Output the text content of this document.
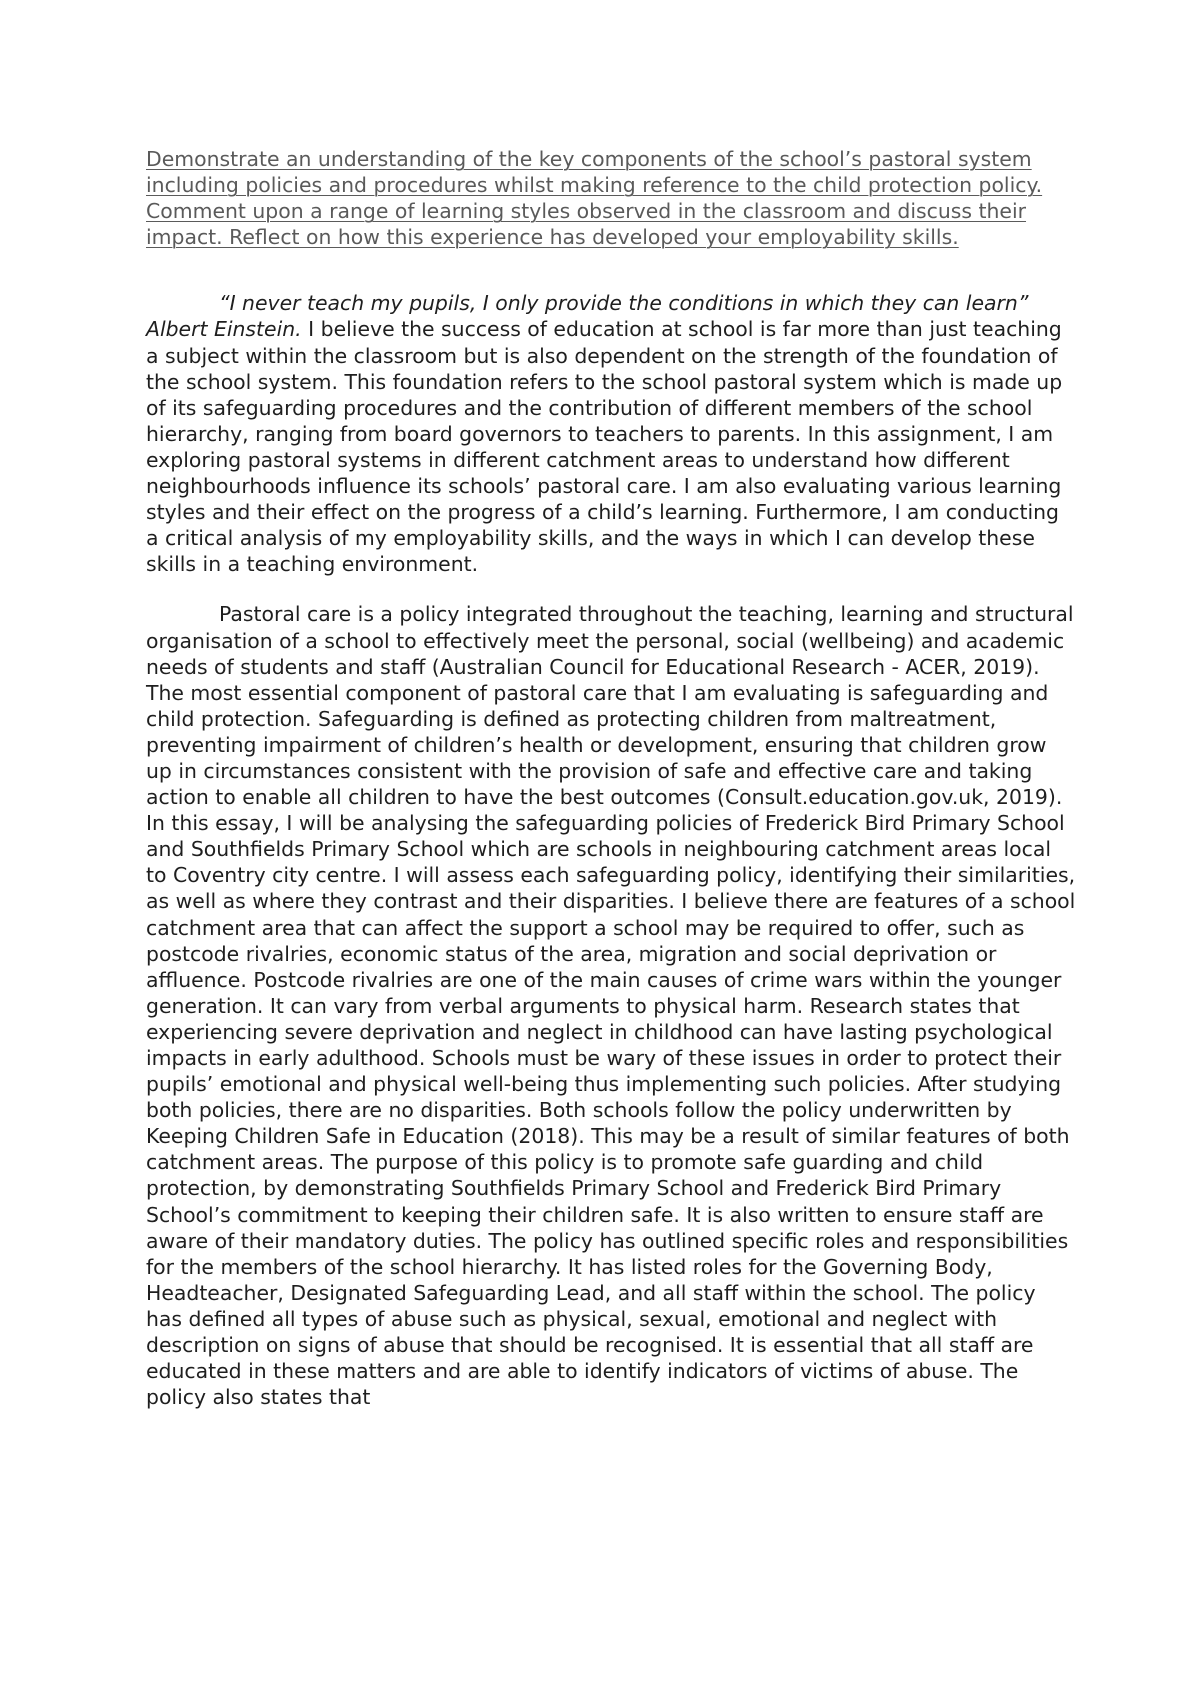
Demonstrate an understanding of the key components of the school’s pastoral system including policies and procedures whilst making reference to the child protection policy. Comment upon a range of learning styles observed in the classroom and discuss their impact. Reflect on how this experience has developed your employability skills.

“I never teach my pupils, I only provide the conditions in which they can learn” Albert Einstein. I believe the success of education at school is far more than just teaching a subject within the classroom but is also dependent on the strength of the foundation of the school system. This foundation refers to the school pastoral system which is made up of its safeguarding procedures and the contribution of different members of the school hierarchy, ranging from board governors to teachers to parents. In this assignment, I am exploring pastoral systems in different catchment areas to understand how different neighbourhoods influence its schools’ pastoral care. I am also evaluating various learning styles and their effect on the progress of a child’s learning. Furthermore, I am conducting a critical analysis of my employability skills, and the ways in which I can develop these skills in a teaching environment.

Pastoral care is a policy integrated throughout the teaching, learning and structural organisation of a school to effectively meet the personal, social (wellbeing) and academic needs of students and staff (Australian Council for Educational Research - ACER, 2019). The most essential component of pastoral care that I am evaluating is safeguarding and child protection. Safeguarding is defined as protecting children from maltreatment, preventing impairment of children’s health or development, ensuring that children grow up in circumstances consistent with the provision of safe and effective care and taking action to enable all children to have the best outcomes (Consult.education.gov.uk, 2019). In this essay, I will be analysing the safeguarding policies of Frederick Bird Primary School and Southfields Primary School which are schools in neighbouring catchment areas local to Coventry city centre. I will assess each safeguarding policy, identifying their similarities, as well as where they contrast and their disparities. I believe there are features of a school catchment area that can affect the support a school may be required to offer, such as postcode rivalries, economic status of the area, migration and social deprivation or affluence. Postcode rivalries are one of the main causes of crime wars within the younger generation. It can vary from verbal arguments to physical harm. Research states that experiencing severe deprivation and neglect in childhood can have lasting psychological impacts in early adulthood. Schools must be wary of these issues in order to protect their pupils’ emotional and physical well-being thus implementing such policies. After studying both policies, there are no disparities. Both schools follow the policy underwritten by Keeping Children Safe in Education (2018). This may be a result of similar features of both catchment areas. The purpose of this policy is to promote safe guarding and child protection, by demonstrating Southfields Primary School and Frederick Bird Primary School’s commitment to keeping their children safe. It is also written to ensure staff are aware of their mandatory duties. The policy has outlined specific roles and responsibilities for the members of the school hierarchy. It has listed roles for the Governing Body, Headteacher, Designated Safeguarding Lead, and all staff within the school. The policy has defined all types of abuse such as physical, sexual, emotional and neglect with description on signs of abuse that should be recognised. It is essential that all staff are educated in these matters and are able to identify indicators of victims of abuse. The policy also states that
